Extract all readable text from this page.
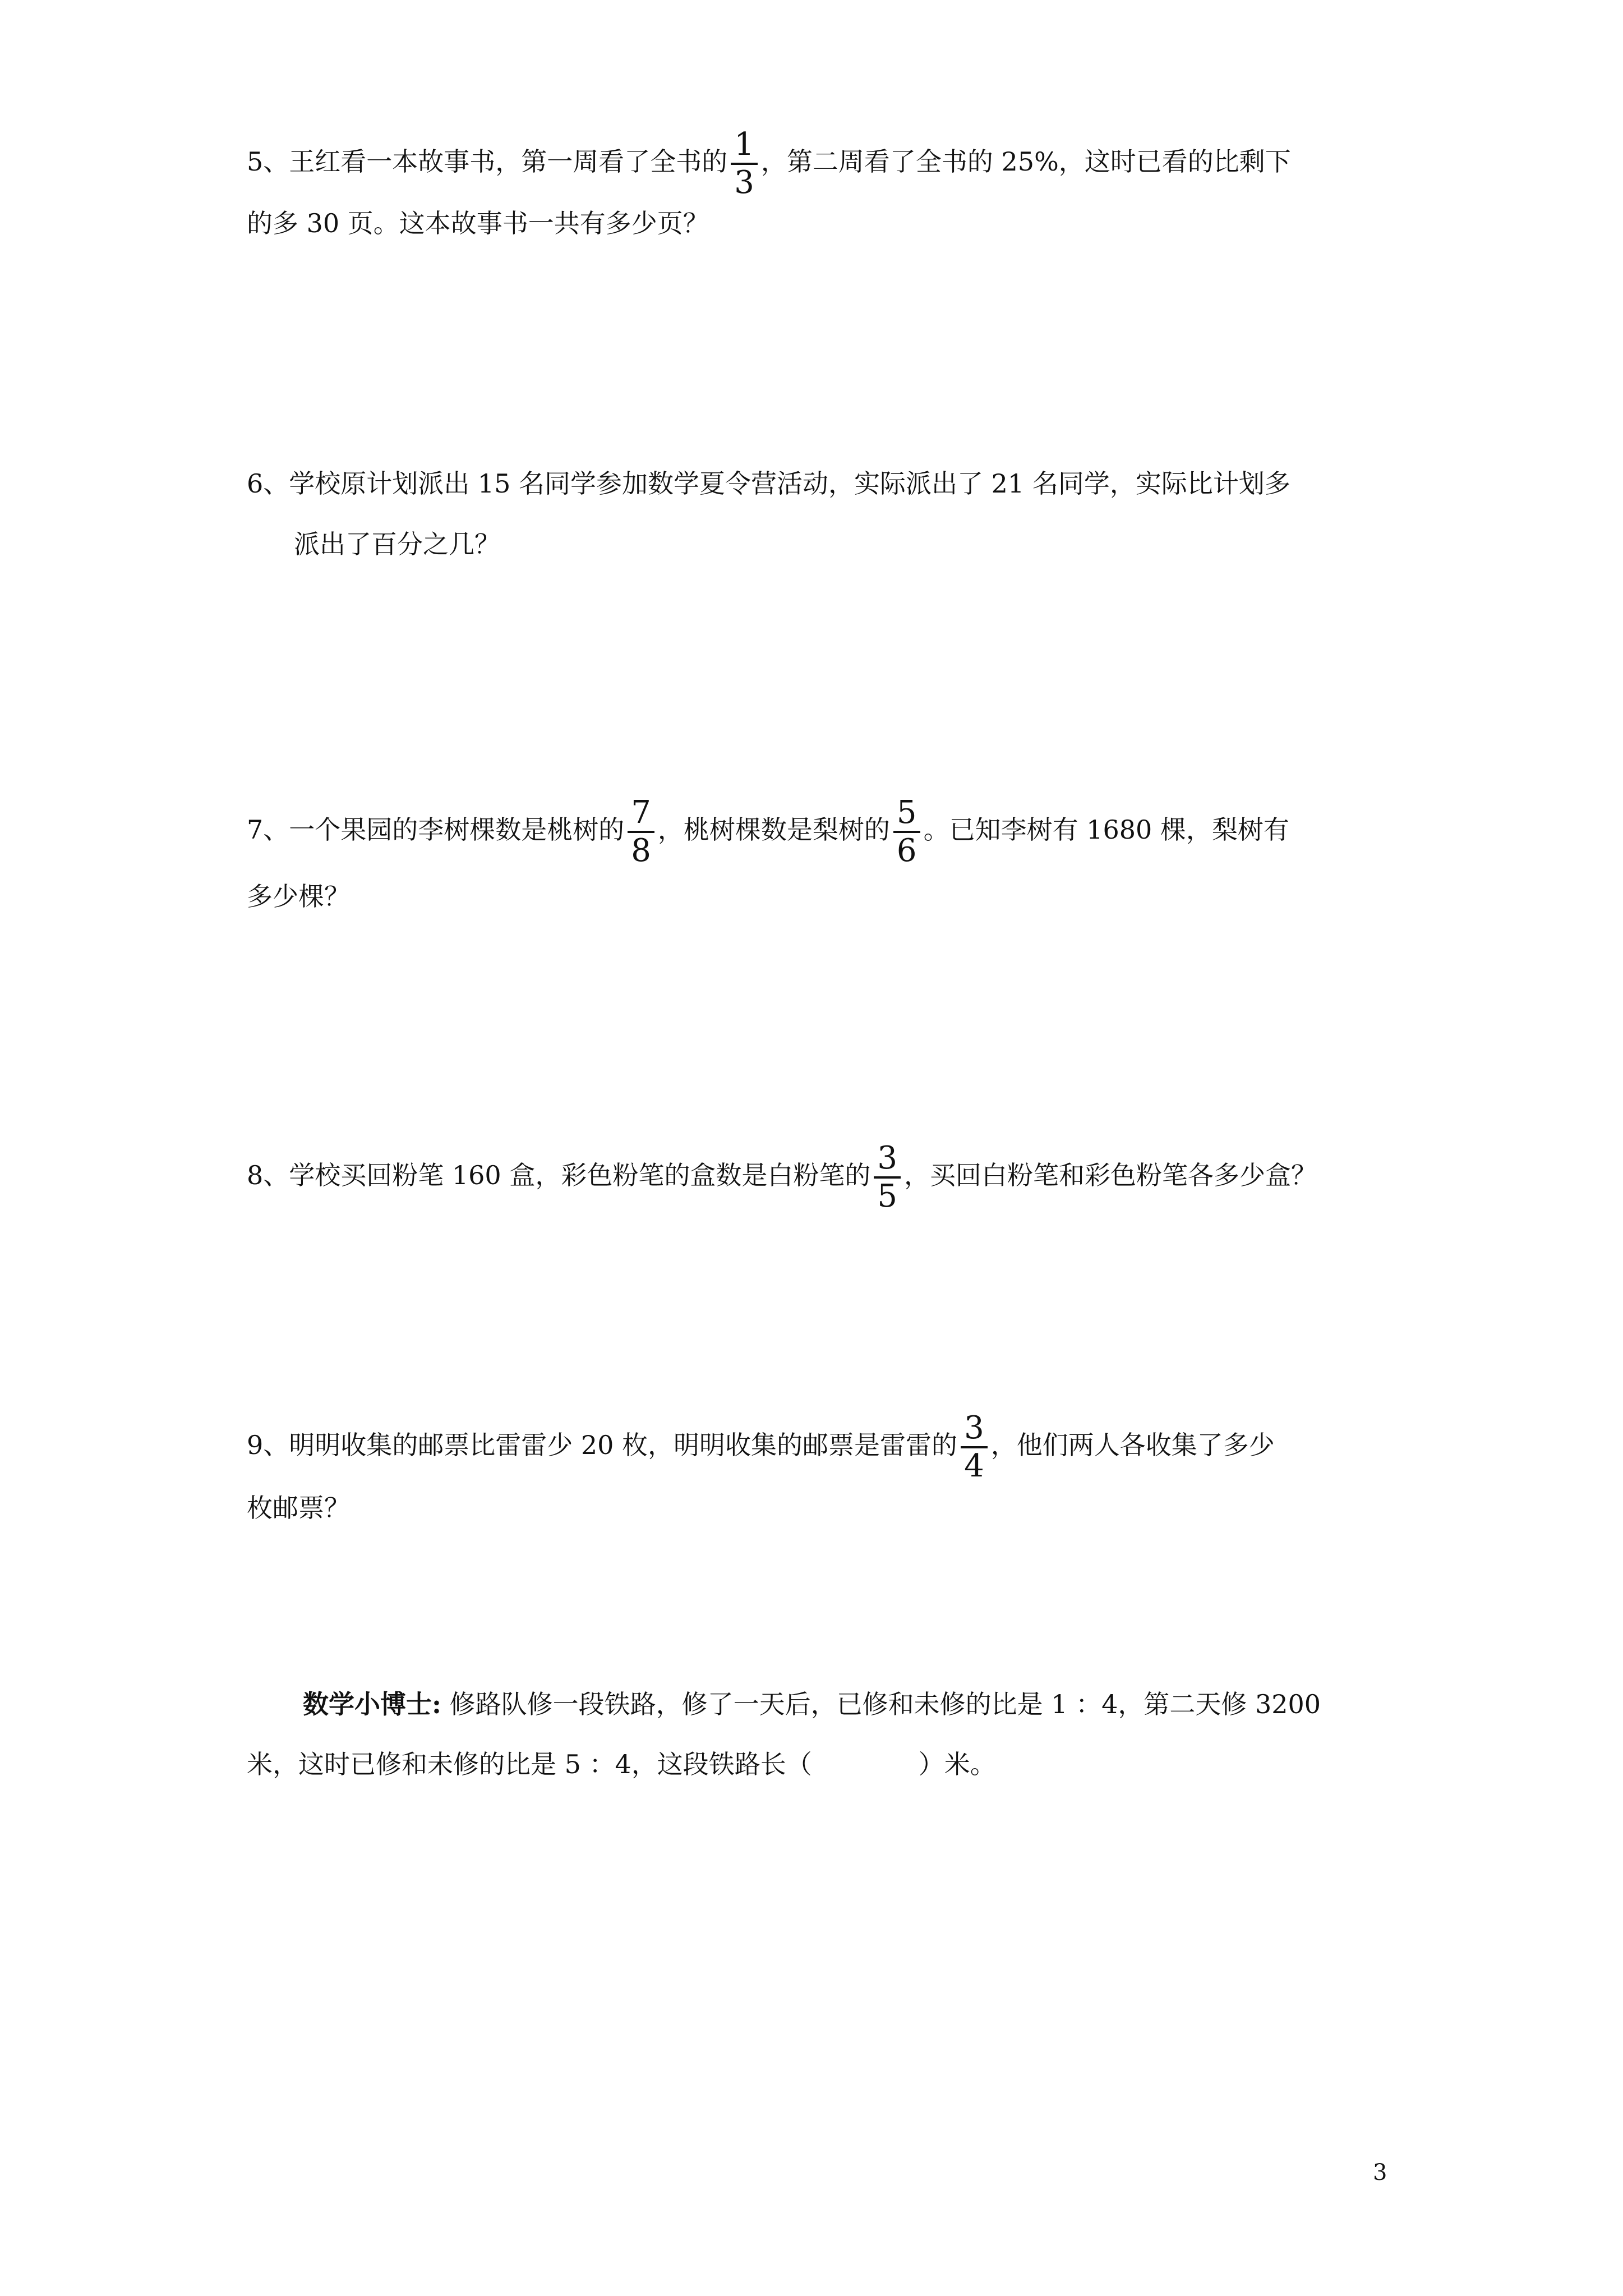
5、王红看一本故事书，第一周看了全书的 $\frac{1}{3}$ ，第二周看了全书的 25%，这时已看的比剩下
的多 30 页。这本故事书一共有多少页？
6、学校原计划派出 15 名同学参加数学夏令营活动，实际派出了 21 名同学，实际比计划多
派出了百分之几？
7、一个果园的李树棵数是桃树的 $\frac{7}{8}$ ，桃树棵数是梨树的 $\frac{5}{6}$ 。已知李树有 1680 棵，梨树有
多少棵？
8、学校买回粉笔 160 盒，彩色粉笔的盒数是白粉笔的 $\frac{3}{5}$ ，买回白粉笔和彩色粉笔各多少盒？
9、明明收集的邮票比雷雷少 20 枚，明明收集的邮票是雷雷的 $\frac{3}{4}$ ，他们两人各收集了多少
枚邮票？
数学小博士: 修路队修一段铁路，修了一天后，已修和未修的比是 1 ：4，第二天修 3200
米，这时已修和未修的比是 5 ：4，这段铁路长（	）米。
3
